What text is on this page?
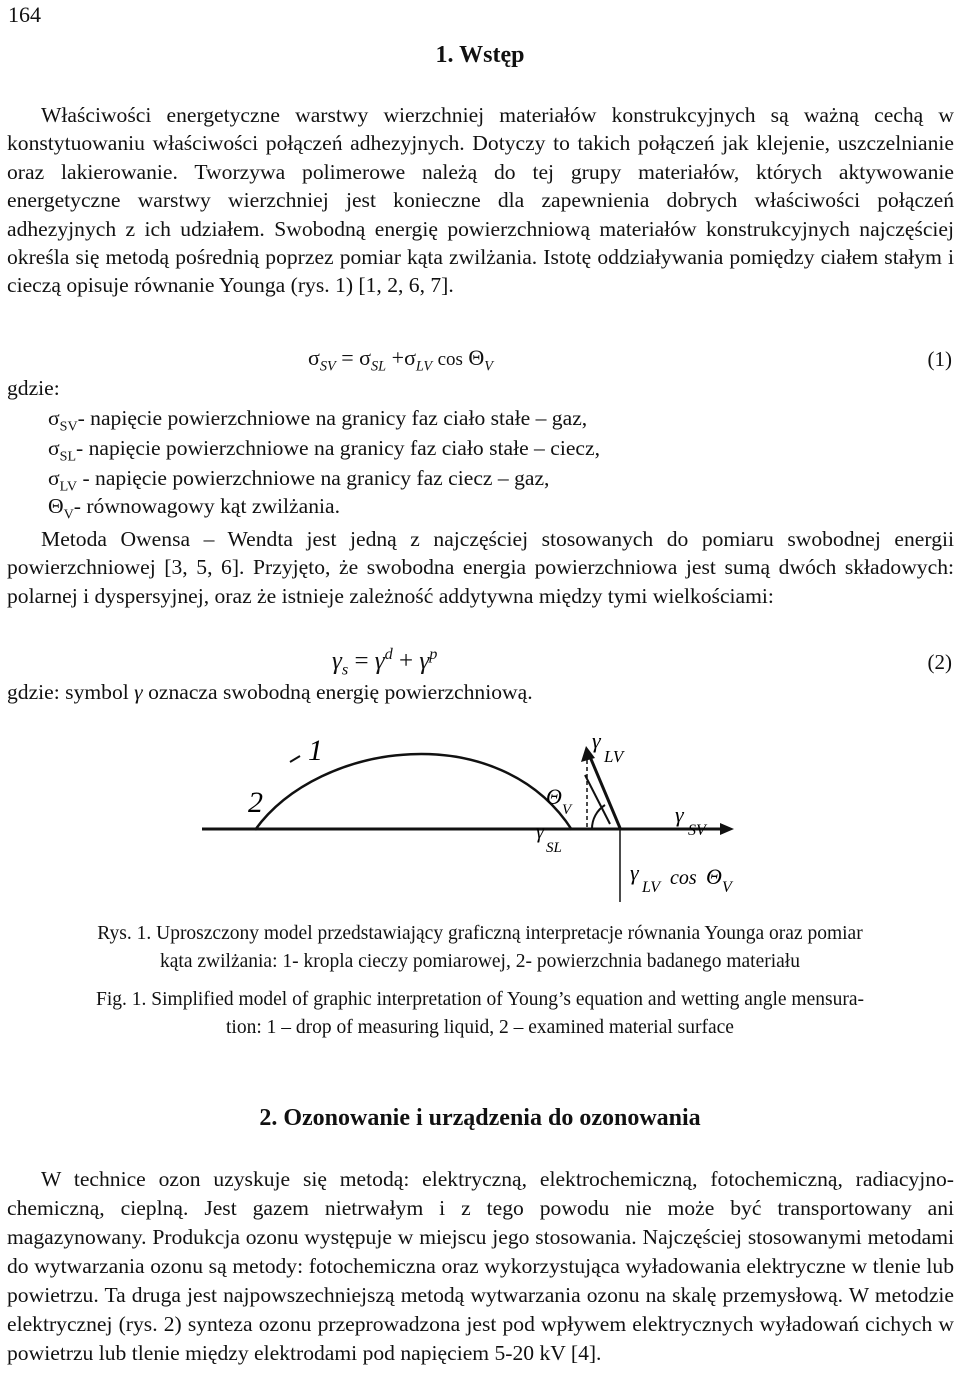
164
1. Wstęp
Właściwości energetyczne warstwy wierzchniej materiałów konstrukcyjnych są ważną cechą w konstytuowaniu właściwości połączeń adhezyjnych. Dotyczy to takich połączeń jak klejenie, uszczelnianie oraz lakierowanie. Tworzywa polimerowe należą do tej grupy materiałów, których aktywowanie energetyczne warstwy wierzchniej jest konieczne dla zapewnienia dobrych właściwości połączeń adhezyjnych z ich udziałem. Swobodną energię powierzchniową materiałów konstrukcyjnych najczęściej określa się metodą pośrednią poprzez pomiar kąta zwilżania. Istotę oddziaływania pomiędzy ciałem stałym i cieczą opisuje równanie Younga (rys. 1) [1, 2, 6, 7].
$\sigma_{SV} = \sigma_{SL} +\sigma_{LV}$ $\cos \Theta_V$	(1)
gdzie:
$\sigma_{SV}-$ napięcie powierzchniowe na granicy faz ciało stałe – gaz,
$\sigma_{SL}-$ napięcie powierzchniowe na granicy faz ciało stałe – ciecz,
$\sigma_{LV}$ - napięcie powierzchniowe na granicy faz ciecz – gaz,
$\Theta_V-$ równowagowy kąt zwilżania.
Metoda Owensa – Wendta jest jedną z najczęściej stosowanych do pomiaru swobodnej energii powierzchniowej [3, 5, 6]. Przyjęto, że swobodna energia powierzchniowa jest sumą dwóch składowych: polarnej i dyspersyjnej, oraz że istnieje zależność addytywna między tymi wielkościami:
$\gamma_s = \gamma^d + \gamma^p$	(2)
gdzie: symbol γ oznacza swobodną energię powierzchniową.
1
2
γ
LV
Θ
V
γ
SL
γ
SV
γ
LV cos Θ V
Rys. 1. Uproszczony model przedstawiający graficzną interpretacje równania Younga oraz pomiar
kąta zwilżania: 1- kropla cieczy pomiarowej, 2- powierzchnia badanego materiału
Fig. 1. Simplified model of graphic interpretation of Young’s equation and wetting angle mensura-
tion: 1 – drop of measuring liquid, 2 – examined material surface
2. Ozonowanie i urządzenia do ozonowania
W technice ozon uzyskuje się metodą: elektryczną, elektrochemiczną, fotochemiczną, radiacyjno-chemiczną, cieplną. Jest gazem nietrwałym i z tego powodu nie może być transportowany ani magazynowany. Produkcja ozonu występuje w miejscu jego stosowania. Najczęściej stosowanymi metodami do wytwarzania ozonu są metody: fotochemiczna oraz wykorzystująca wyładowania elektryczne w tlenie lub powietrzu. Ta druga jest najpowszechniejszą metodą wytwarzania ozonu na skalę przemysłową. W metodzie elektrycznej (rys. 2) synteza ozonu przeprowadzona jest pod wpływem elektrycznych wyładowań cichych w powietrzu lub tlenie między elektrodami pod napięciem 5-20 kV [4].
